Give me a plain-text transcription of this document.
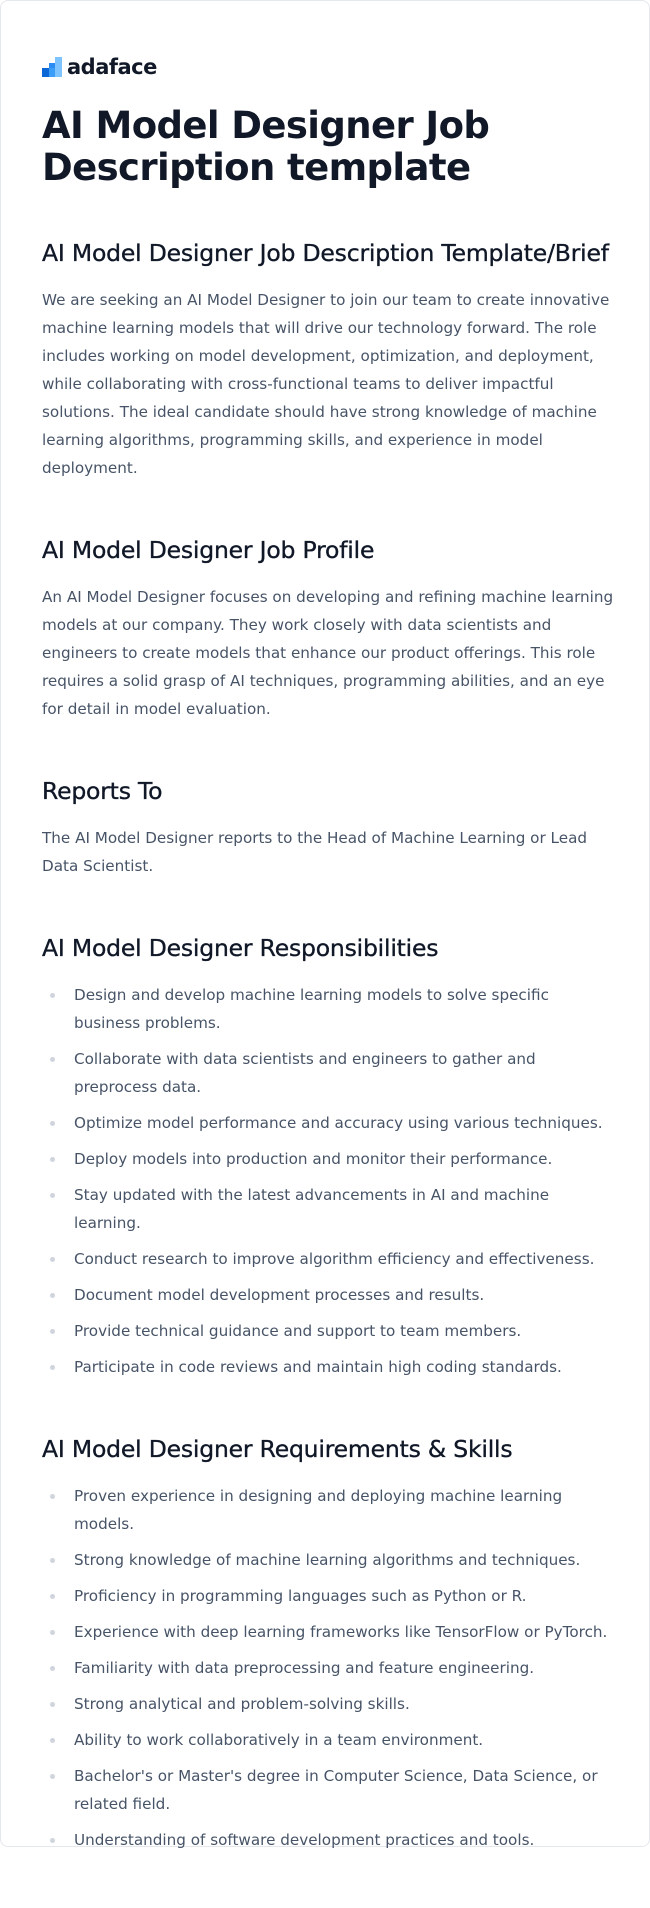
adaface
AI Model Designer Job Description template
AI Model Designer Job Description Template/Brief

We are seeking an AI Model Designer to join our team to create innovative machine learning models that will drive our technology forward. The role includes working on model development, optimization, and deployment, while collaborating with cross-functional teams to deliver impactful solutions. The ideal candidate should have strong knowledge of machine learning algorithms, programming skills, and experience in model deployment.

AI Model Designer Job Profile

An AI Model Designer focuses on developing and refining machine learning models at our company. They work closely with data scientists and engineers to create models that enhance our product offerings. This role requires a solid grasp of AI techniques, programming abilities, and an eye for detail in model evaluation.

Reports To

The AI Model Designer reports to the Head of Machine Learning or Lead Data Scientist.

AI Model Designer Responsibilities
Design and develop machine learning models to solve specific business problems.
Collaborate with data scientists and engineers to gather and preprocess data.
Optimize model performance and accuracy using various techniques.
Deploy models into production and monitor their performance.
Stay updated with the latest advancements in AI and machine learning.
Conduct research to improve algorithm efficiency and effectiveness.
Document model development processes and results.
Provide technical guidance and support to team members.
Participate in code reviews and maintain high coding standards.
AI Model Designer Requirements & Skills
Proven experience in designing and deploying machine learning models.
Strong knowledge of machine learning algorithms and techniques.
Proficiency in programming languages such as Python or R.
Experience with deep learning frameworks like TensorFlow or PyTorch.
Familiarity with data preprocessing and feature engineering.
Strong analytical and problem-solving skills.
Ability to work collaboratively in a team environment.
Bachelor's or Master's degree in Computer Science, Data Science, or related field.
Understanding of software development practices and tools.
